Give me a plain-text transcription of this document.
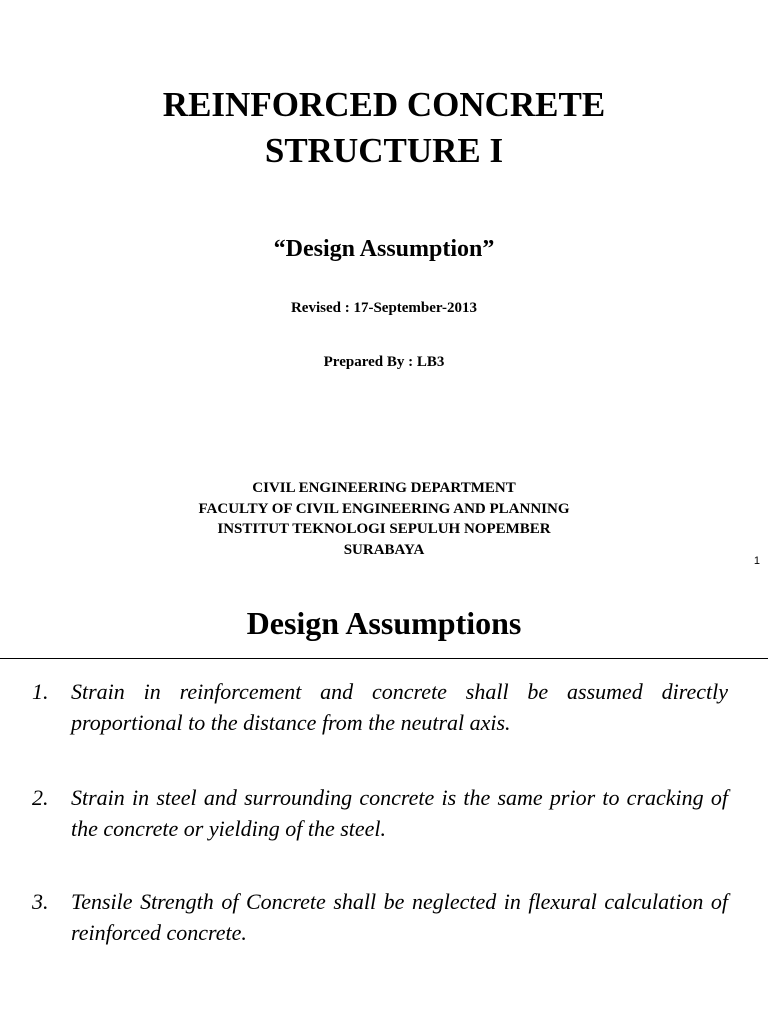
REINFORCED CONCRETE
STRUCTURE I
“Design Assumption”
Revised : 17-September-2013
Prepared By : LB3
CIVIL ENGINEERING DEPARTMENT
FACULTY OF CIVIL ENGINEERING AND PLANNING
INSTITUT TEKNOLOGI SEPULUH NOPEMBER
SURABAYA
1
Design Assumptions
1. Strain in reinforcement and concrete shall be assumed directly proportional to the distance from the neutral axis.
2. Strain in steel and surrounding concrete is the same prior to cracking of the concrete or yielding of the steel.
3. Tensile Strength of Concrete shall be neglected in flexural calculation of reinforced concrete.
